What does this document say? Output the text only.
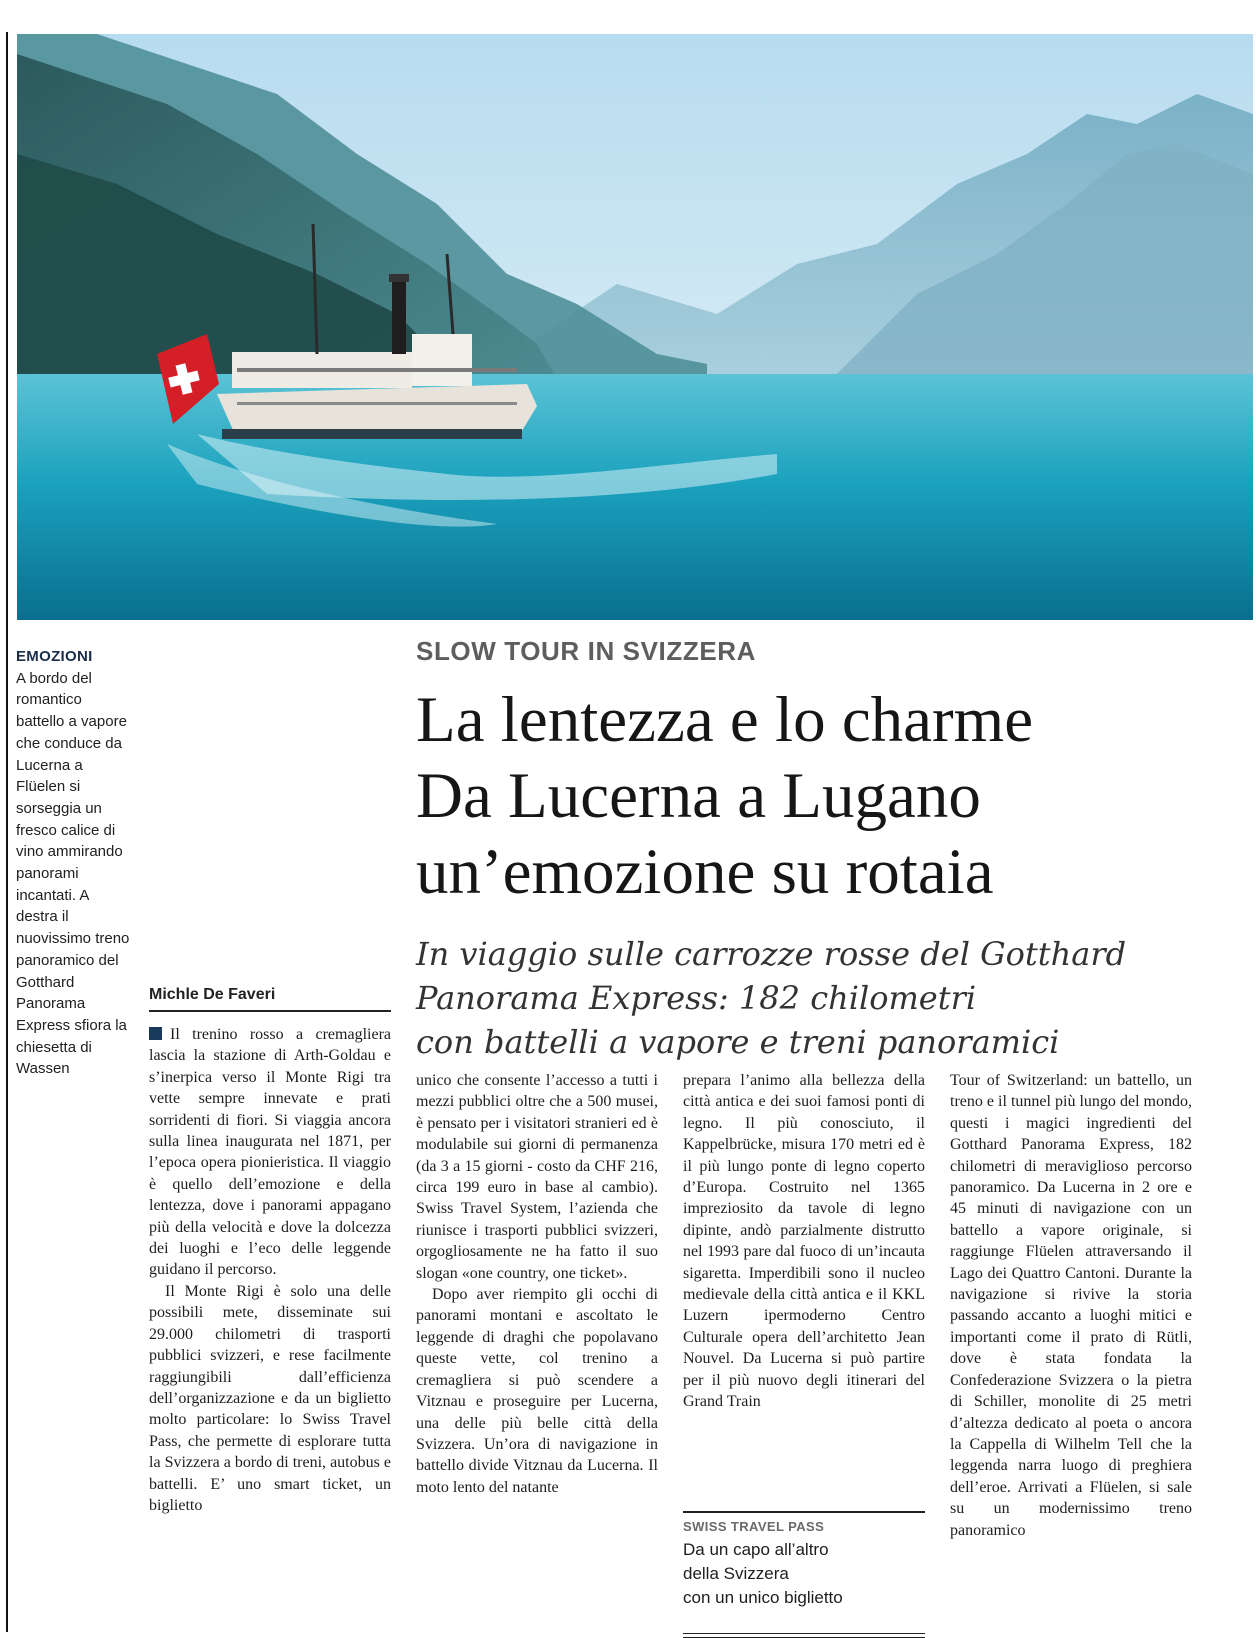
EMOZIONI
A bordo del romantico battello a vapore che conduce da Lucerna a Flüelen si sorseggia un fresco calice di vino ammirando panorami incantati. A destra il nuovissimo treno panoramico del Gotthard Panorama Express sfiora la chiesetta di Wassen
SLOW TOUR IN SVIZZERA
La lentezza e lo charme
Da Lucerna a Lugano
un’emozione su rotaia
In viaggio sulle carrozze rosse del Gotthard
Panorama Express: 182 chilometri
con battelli a vapore e treni panoramici
Michle De Faveri

Il trenino rosso a cremagliera lascia la stazione di Arth-Goldau e s’inerpica verso il Monte Rigi tra vette sempre innevate e prati sorridenti di fiori. Si viaggia ancora sulla linea inaugurata nel 1871, per l’epoca opera pionieristica. Il viaggio è quello dell’emozione e della lentezza, dove i panorami appagano più della velocità e dove la dolcezza dei luoghi e l’eco delle leggende guidano il percorso.

Il Monte Rigi è solo una delle possibili mete, disseminate sui 29.000 chilometri di trasporti pubblici svizzeri, e rese facilmente raggiungibili dall’efficienza dell’organizzazione e da un biglietto molto particolare: lo Swiss Travel Pass, che permette di esplorare tutta la Svizzera a bordo di treni, autobus e battelli. E’ uno smart ticket, un biglietto

unico che consente l’accesso a tutti i mezzi pubblici oltre che a 500 musei, è pensato per i visitatori stranieri ed è modulabile sui giorni di permanenza (da 3 a 15 giorni - costo da CHF 216, circa 199 euro in base al cambio). Swiss Travel System, l’azienda che riunisce i trasporti pubblici svizzeri, orgogliosamente ne ha fatto il suo slogan «one country, one ticket».

Dopo aver riempito gli occhi di panorami montani e ascoltato le leggende di draghi che popolavano queste vette, col trenino a cremagliera si può scendere a Vitznau e proseguire per Lucerna, una delle più belle città della Svizzera. Un’ora di navigazione in battello divide Vitznau da Lucerna. Il moto lento del natante

prepara l’animo alla bellezza della città antica e dei suoi famosi ponti di legno. Il più conosciuto, il Kappelbrücke, misura 170 metri ed è il più lungo ponte di legno coperto d’Europa. Costruito nel 1365 impreziosito da tavole di legno dipinte, andò parzialmente distrutto nel 1993 pare dal fuoco di un’incauta sigaretta. Imperdibili sono il nucleo medievale della città antica e il KKL Luzern ipermoderno Centro Culturale opera dell’architetto Jean Nouvel. Da Lucerna si può partire per il più nuovo degli itinerari del Grand Train

Tour of Switzerland: un battello, un treno e il tunnel più lungo del mondo, questi i magici ingredienti del Gotthard Panorama Express, 182 chilometri di meraviglioso percorso panoramico. Da Lucerna in 2 ore e 45 minuti di navigazione con un battello a vapore originale, si raggiunge Flüelen attraversando il Lago dei Quattro Cantoni. Durante la navigazione si rivive la storia passando accanto a luoghi mitici e importanti come il prato di Rütli, dove è stata fondata la Confederazione Svizzera o la pietra di Schiller, monolite di 25 metri d’altezza dedicato al poeta o ancora la Cappella di Wilhelm Tell che la leggenda narra luogo di preghiera dell’eroe. Arrivati a Flüelen, si sale su un modernissimo treno panoramico

SWISS TRAVEL PASS
Da un capo all’altro
della Svizzera
con un unico biglietto
